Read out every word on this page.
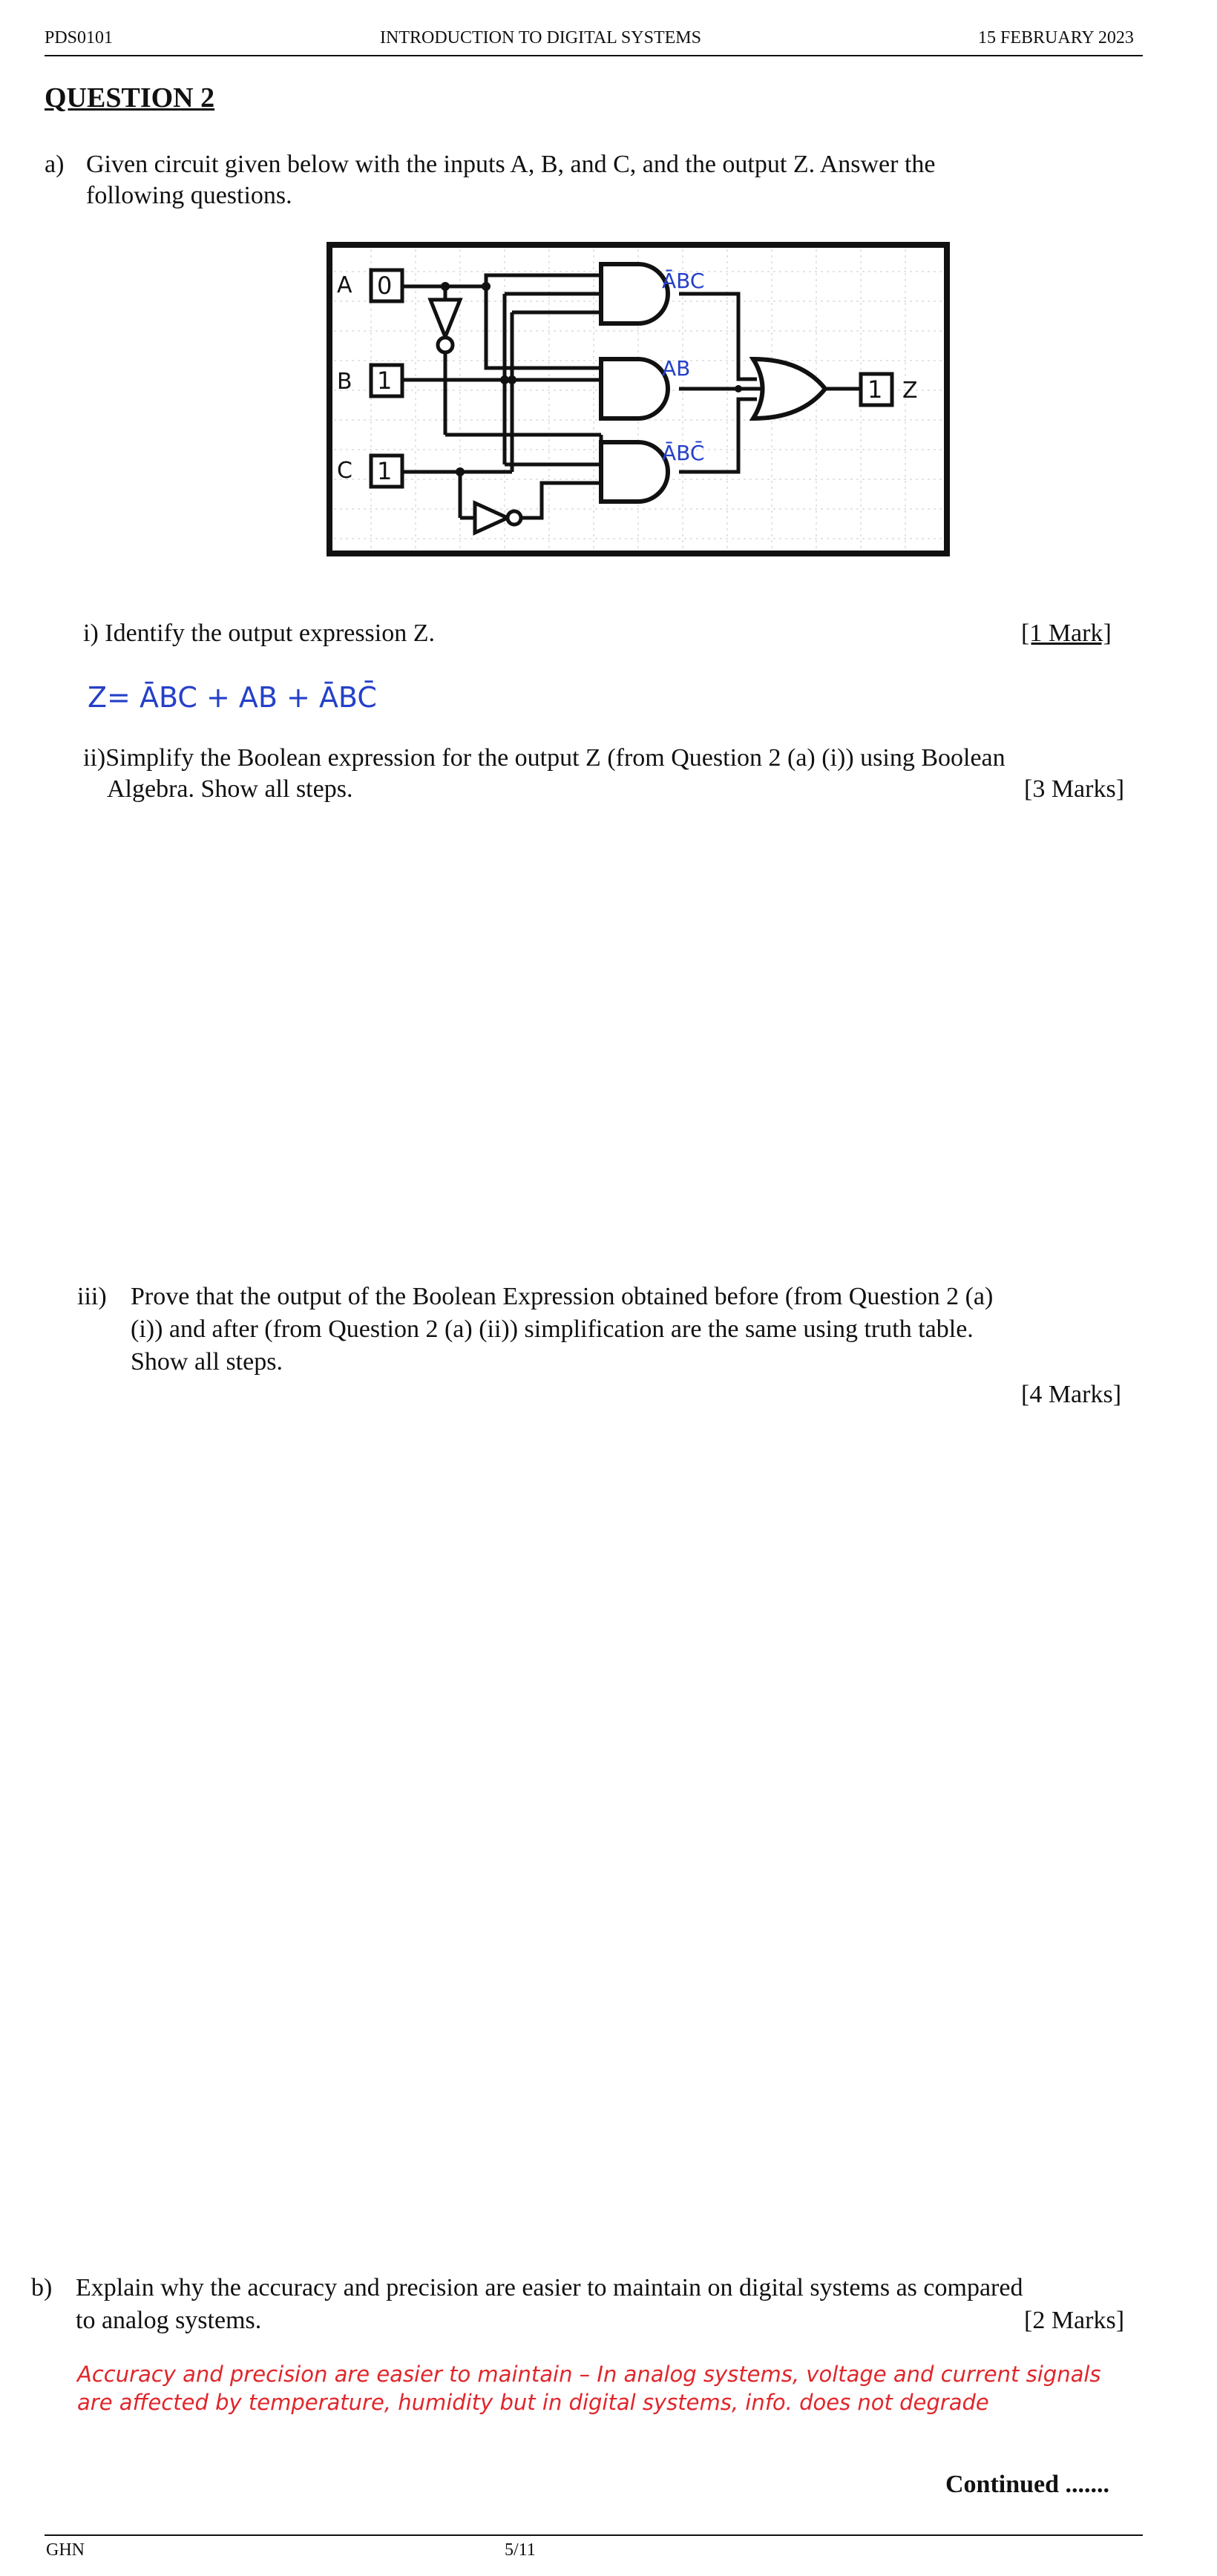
PDS0101	INTRODUCTION TO DIGITAL SYSTEMS	15 FEBRUARY 2023
QUESTION 2
a) Given circuit given below with the inputs A, B, and C, and the output Z. Answer the
following questions.
A 0
B 1
C 1
1 Z
ĀBC
AB
ĀBC̄
i) Identify the output expression Z.	[1 Mark]
Z= ĀBC + AB + ĀBC̄
ii)Simplify the Boolean expression for the output Z (from Question 2 (a) (i)) using Boolean
Algebra. Show all steps.	[3 Marks]
iii) Prove that the output of the Boolean Expression obtained before (from Question 2 (a)
(i)) and after (from Question 2 (a) (ii)) simplification are the same using truth table.
Show all steps.
[4 Marks]
b) Explain why the accuracy and precision are easier to maintain on digital systems as compared
to analog systems.	[2 Marks]
Accuracy and precision are easier to maintain – In analog systems, voltage and current signals
are affected by temperature, humidity but in digital systems, info. does not degrade
Continued .......
GHN	5/11
